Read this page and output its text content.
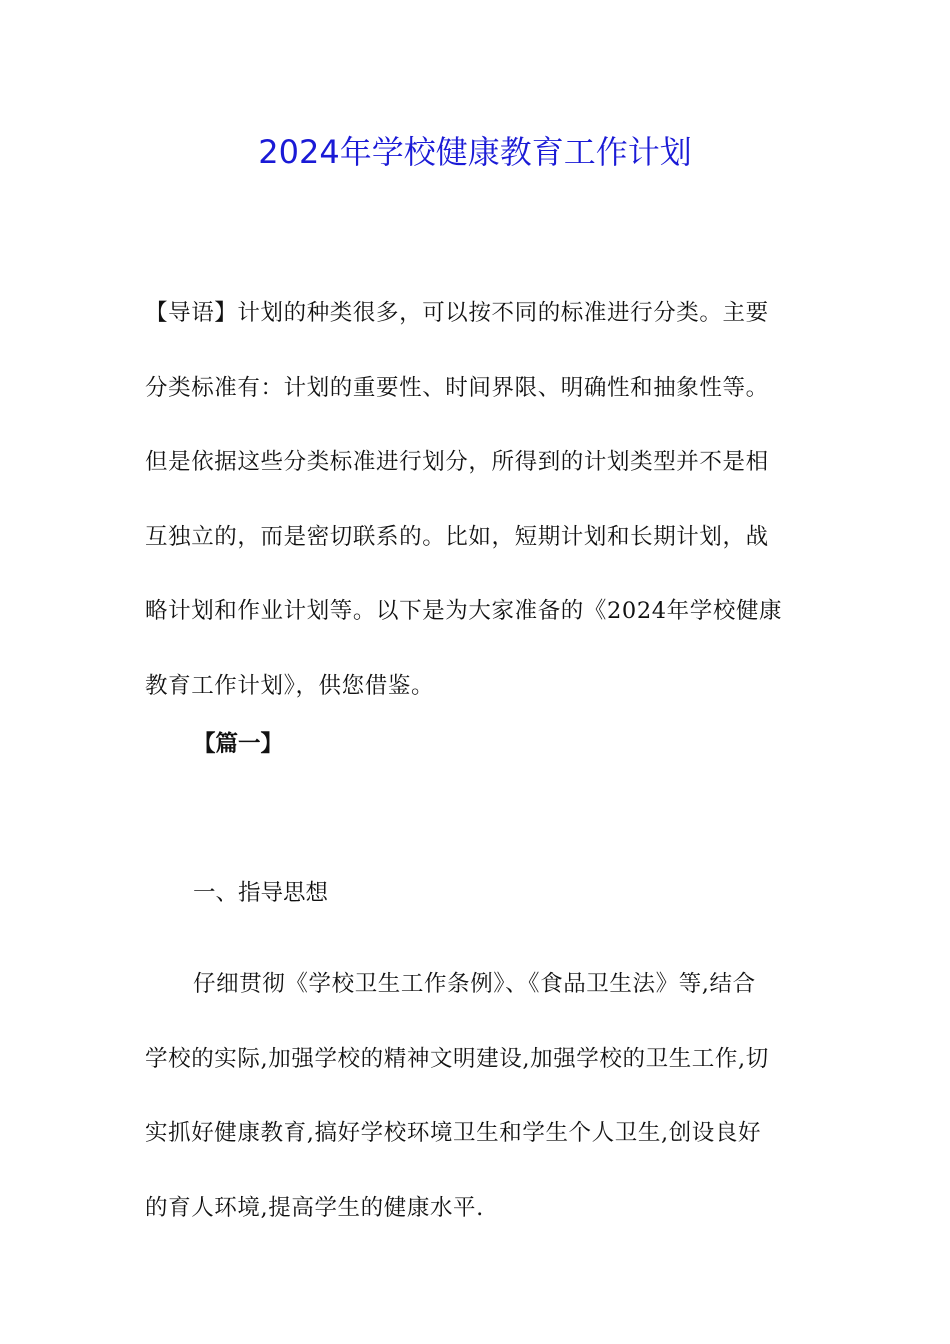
2024年学校健康教育工作计划
【导语】计划的种类很多，可以按不同的标准进行分类。主要
分类标准有：计划的重要性、时间界限、明确性和抽象性等。
但是依据这些分类标准进行划分，所得到的计划类型并不是相
互独立的，而是密切联系的。比如，短期计划和长期计划，战
略计划和作业计划等。以下是为大家准备的《2024年学校健康
教育工作计划》，供您借鉴。
【篇一】
一、指导思想
仔细贯彻《学校卫生工作条例》、《食品卫生法》等,结合
学校的实际,加强学校的精神文明建设,加强学校的卫生工作,切
实抓好健康教育,搞好学校环境卫生和学生个人卫生,创设良好
的育人环境,提高学生的健康水平.
